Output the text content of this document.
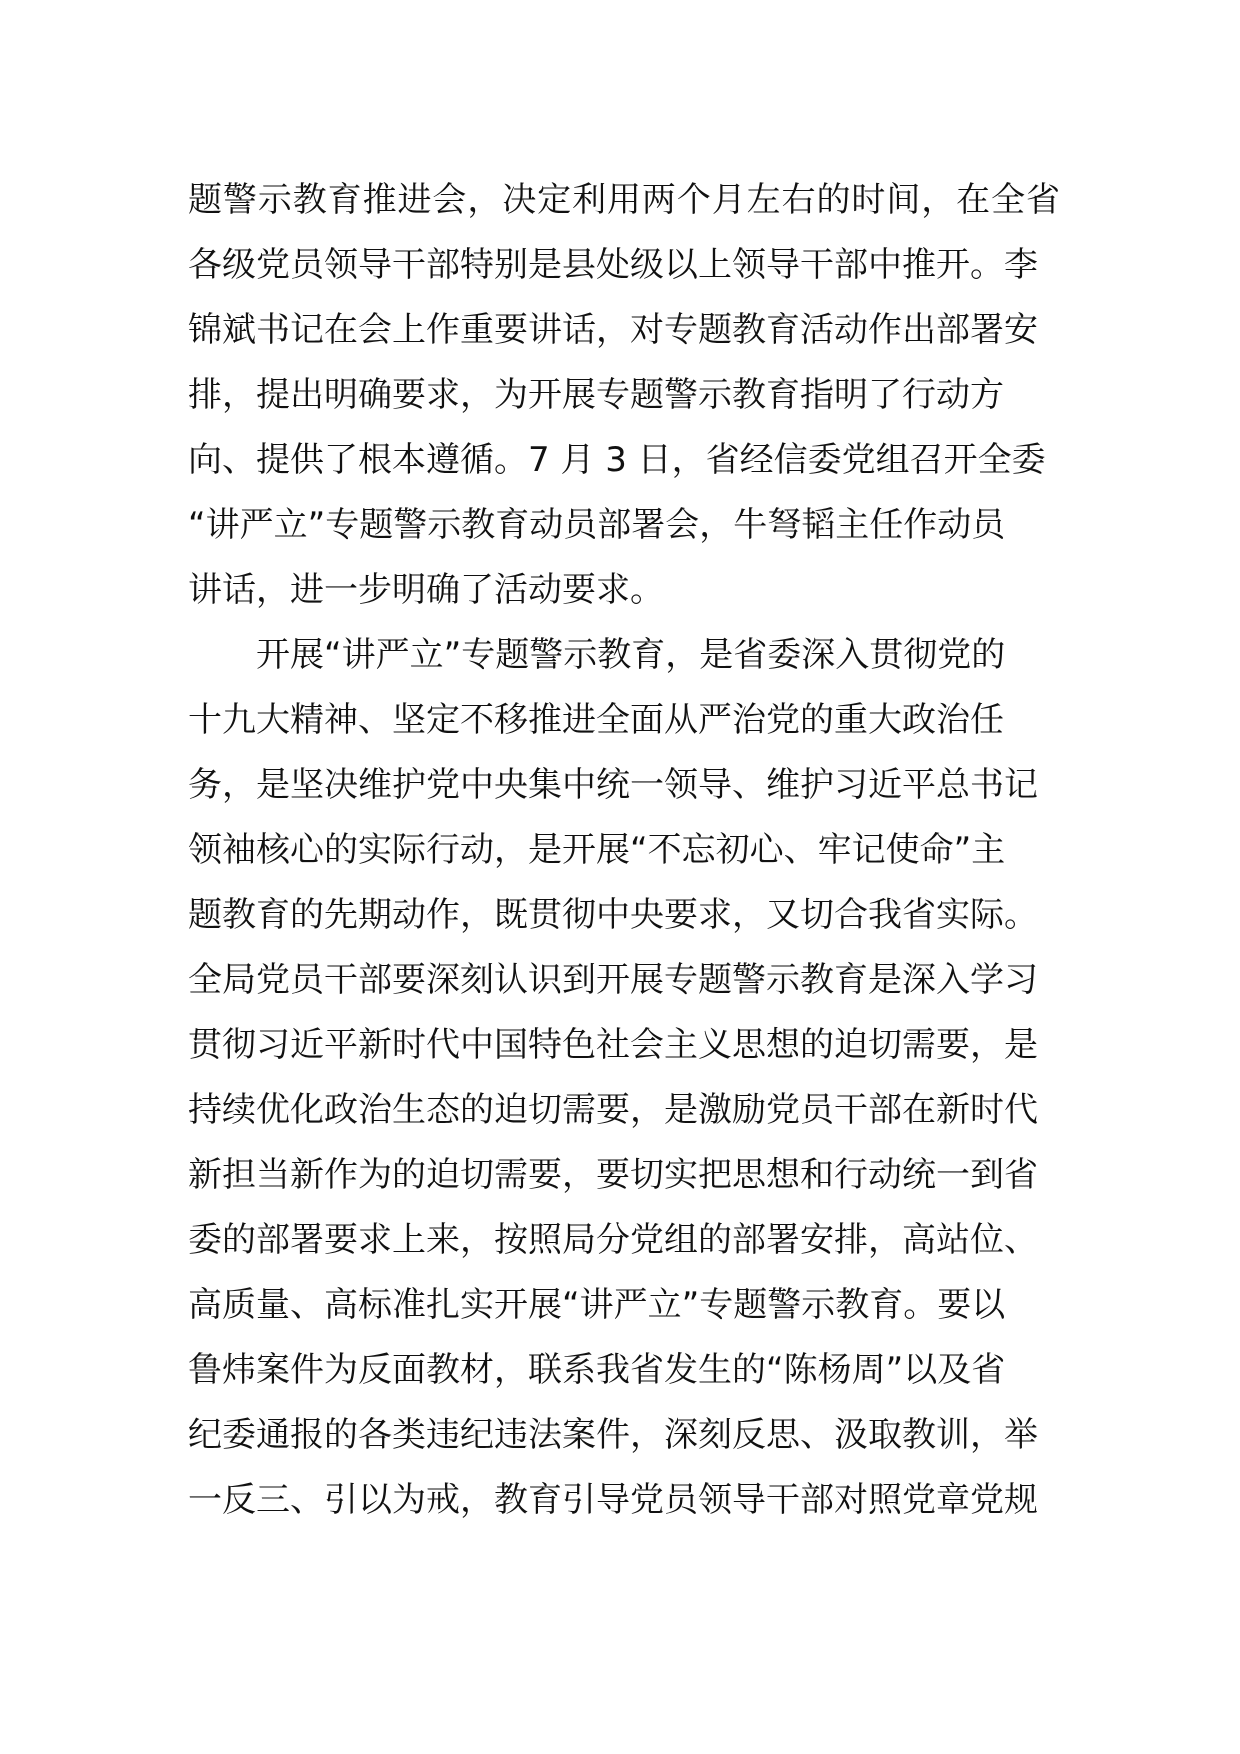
题警示教育推进会，决定利用两个月左右的时间，在全省
各级党员领导干部特别是县处级以上领导干部中推开。李
锦斌书记在会上作重要讲话，对专题教育活动作出部署安
排，提出明确要求，为开展专题警示教育指明了行动方
向、提供了根本遵循。7 月 3 日，省经信委党组召开全委
“讲严立”专题警示教育动员部署会，牛弩韬主任作动员
讲话，进一步明确了活动要求。
开展“讲严立”专题警示教育，是省委深入贯彻党的
十九大精神、坚定不移推进全面从严治党的重大政治任
务，是坚决维护党中央集中统一领导、维护习近平总书记
领袖核心的实际行动，是开展“不忘初心、牢记使命”主
题教育的先期动作，既贯彻中央要求，又切合我省实际。
全局党员干部要深刻认识到开展专题警示教育是深入学习
贯彻习近平新时代中国特色社会主义思想的迫切需要，是
持续优化政治生态的迫切需要，是激励党员干部在新时代
新担当新作为的迫切需要，要切实把思想和行动统一到省
委的部署要求上来，按照局分党组的部署安排，高站位、
高质量、高标准扎实开展“讲严立”专题警示教育。要以
鲁炜案件为反面教材，联系我省发生的“陈杨周”以及省
纪委通报的各类违纪违法案件，深刻反思、汲取教训，举
一反三、引以为戒，教育引导党员领导干部对照党章党规
